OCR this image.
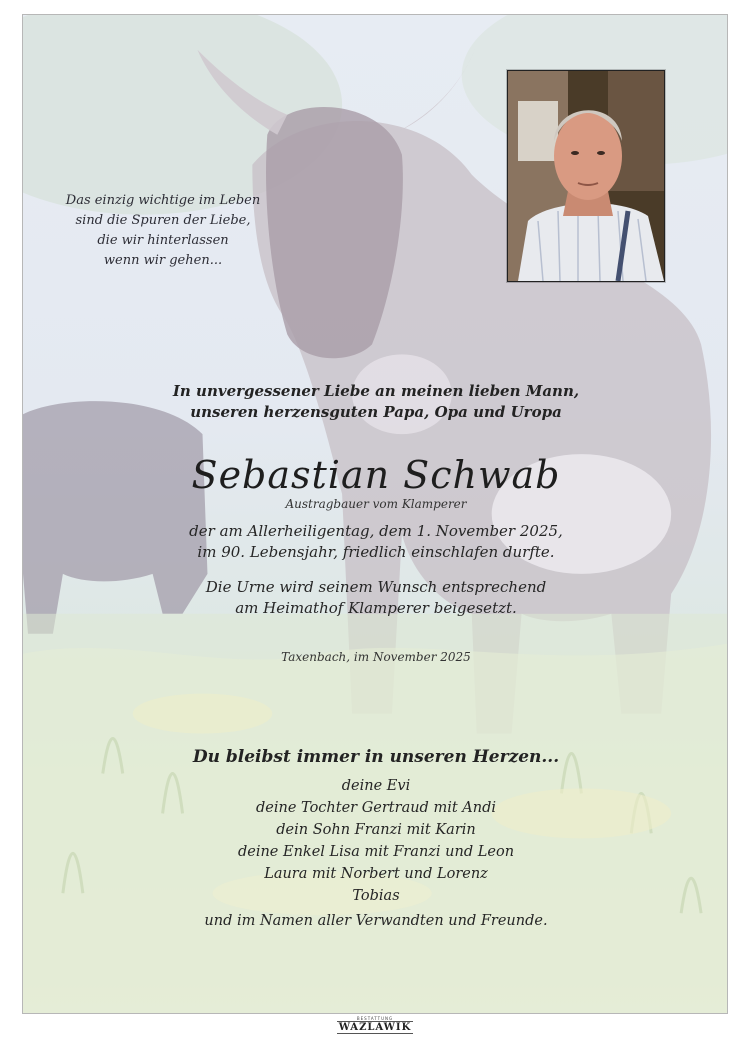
Das einzig wichtige im Leben
sind die Spuren der Liebe,
die wir hinterlassen
wenn wir gehen...
In unvergessener Liebe an meinen lieben Mann,
unseren herzensguten Papa, Opa und Uropa
Sebastian Schwab
Austragbauer vom Klamperer
der am Allerheiligentag, dem 1. November 2025,
im 90. Lebensjahr, friedlich einschlafen durfte.
Die Urne wird seinem Wunsch entsprechend
am Heimathof Klamperer beigesetzt.
Taxenbach, im November 2025
Du bleibst immer in unseren Herzen...
deine Evi
deine Tochter Gertraud mit Andi
dein Sohn Franzi mit Karin
deine Enkel Lisa mit Franzi und Leon
Laura mit Norbert und Lorenz
Tobias
und im Namen aller Verwandten und Freunde.
BESTATTUNG
WAZLAWIK
